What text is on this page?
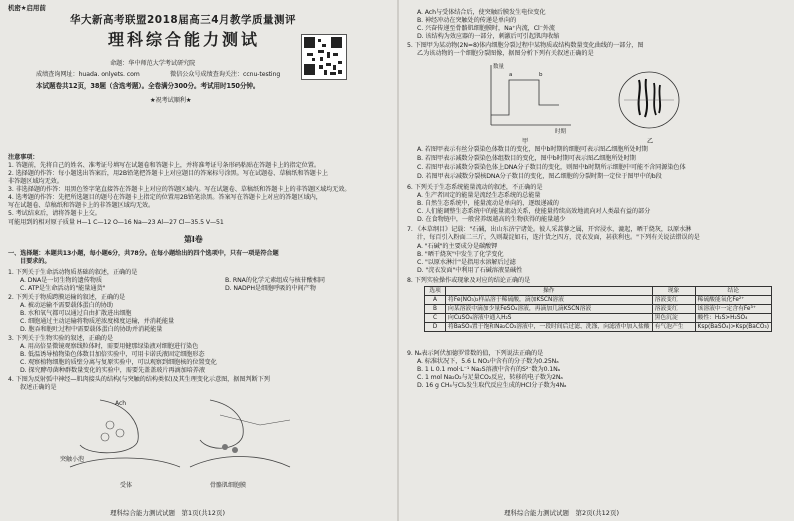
机密★启用前
华大新高考联盟2018届高三4月教学质量测评
理科综合能力测试
命题：华中师范大学考试研究院
成绩查询网址：huada. onlyets. com	微信公众号成绩查询关注：ccnu-testing
本试题卷共12页，38题（含选考题）。全卷满分300分。考试用时150分钟。
★祝考试顺利★
注意事项：
1. 答题前，先将自己的姓名、准考证号填写在试题卷和答题卡上，并将准考证号条形码粘贴在答题卡上的指定位置。
2. 选择题的作答：每小题选出答案后，用2B铅笔把答题卡上对应题目的答案标号涂黑。写在试题卷、草稿纸和答题卡上
非答题区域均无效。
3. 非选择题的作答：用黑色签字笔直接答在答题卡上对应的答题区域内。写在试题卷、草稿纸和答题卡上的非答题区域均无效。
4. 选考题的作答：先把所选题目的题号在答题卡上指定的位置用2B铅笔涂黑。答案写在答题卡上对应的答题区域内，
写在试题卷、草稿纸和答题卡上的非答题区域均无效。
5. 考试结束后，请将答题卡上交。
可能用到的相对原子质量 H—1 C—12 O—16 Na—23 Al—27 Cl—35.5 V—51
第Ⅰ卷
一、选择题：本题共13小题，每小题6分，共78分。在每小题给出的四个选项中，只有一项是符合题
目要求的。
1. 下列关于生命活动物质基础的叙述，正确的是
A. DNA是一切生物的遗传物质	B. RNA的化学元素组成与核苷酸相同
C. ATP是生命活动的"能量通货"	D. NADPH是细胞呼吸的中间产物
2. 下列关于物质跨膜运输的叙述，正确的是
A. 被动运输不需要载体蛋白的协助
B. 水和氧气都可以通过自由扩散进出细胞
C. 细胞通过主动运输将物质逆浓度梯度运输，并消耗能量
D. 胞吞和胞吐过程中需要载体蛋白的协助并消耗能量
3. 下列关于生物实验的叙述，正确的是
A. 用高倍显微镜观察线粒体时，需要用健那绿染液对细胞进行染色
B. 低温诱导植物染色体数目加倍实验中，可用卡诺氏液固定细胞形态
C. 观察植物细胞的质壁分离与复原实验中，可以观察到细胞核的位置变化
D. 探究酵母菌种群数量变化的实验中，需要先盖盖玻片再滴加培养液
4. 下图为反射弧中神经—肌肉接头的结构(与突触的结构类似)及其生理变化示意图，据图判断下列
叙述正确的是
突触小泡
Ach
受体	骨骼肌细胞膜
理科综合能力测试试题　第1页(共12页)
A. Ach与受体结合后，使突触后膜发生电位变化
B. 神经冲动在突触处的传递是单向的
C. 兴奋传递至骨骼肌细胞膜时，Na⁺内流，Cl⁻外流
D. 该结构为效应器的一部分，刺激后可引起肌肉收缩
5. 下图甲为某动物(2N=8)体内细胞分裂过程中某物质或结构数量变化曲线的一部分，图
乙为该动物的一个细胞分裂图像，据图分析下列有关叙述正确的是
数量
a	b
时期
甲	乙
A. 若图甲表示有丝分裂染色体数目的变化，图中b时期的细胞可表示图乙细胞所处时期
B. 若图甲表示减数分裂染色体组数目的变化，图中b时期可表示图乙细胞所处时期
C. 若图甲表示减数分裂染色体上DNA分子数目的变化，则图中b时期所示细胞中可能不含同源染色体
D. 若图甲表示减数分裂核DNA分子数目的变化，图乙细胞的分裂时期一定位于图甲中的b段
6. 下列关于生态系统能量流动的叙述，不正确的是
A. 生产者固定的能量是流经生态系统的总能量
B. 自然生态系统中，能量流动是单向的、逐级递减的
C. 人们能调整生态系统中的能量流动关系，使能量持续高效地流向对人类最有益的部分
D. 在食物链中，一般营养级越高的生物获得的能量越少
7. 《本草纲目》记载："石碱，出山东济宁诸处。彼人采蒿蓼之属，开窖浸水，漉起，晒干烧灰，以原水淋
汁，每百引入粉面二三斤，久则凝淀如石，连汁货之四方，浣衣发面，甚获利也。"下列有关说法错误的是
A. "石碱"的主要成分是碳酸钾
B. "晒干烧灰"中发生了化学变化
C. "以原水淋汁"是指用水溶解后过滤
D. "浣衣发面"中利用了石碱溶液显碱性
8. 下列实验操作或现象及对应的结论正确的是
9. Nₐ表示阿伏加德罗常数的值，下列说法正确的是
A. 标准状况下，5.6 L NO₂中含有的分子数为0.25Nₐ
B. 1 L 0.1 mol·L⁻¹ Na₂S溶液中含有的S²⁻数为0.1Nₐ
C. 1 mol Na₂O₂与足量CO₂反应，转移的电子数为2Nₐ
D. 16 g CH₄与Cl₂发生取代反应生成的HCl分子数为4Nₐ
理科综合能力测试试题　第2页(共12页)
选项	操作	现象	结论
A	将Fe(NO₃)₂样品溶于稀硫酸，滴加KSCN溶液	溶液变红	稀硫酸能氧化Fe²⁺
B	向某溶液中滴加少量FeSO₄溶液，再滴加几滴KSCN溶液	溶液变红	该溶液中一定含有Fe³⁺
C	向CuSO₄溶液中通入H₂S	黑色沉淀	酸性：H₂S>H₂SO₄
D	将BaSO₄置于饱和Na₂CO₃溶液中，一段时间后过滤、洗涤，向滤渣中加入盐酸	有气泡产生	Ksp(BaSO₄)>Ksp(BaCO₃)
